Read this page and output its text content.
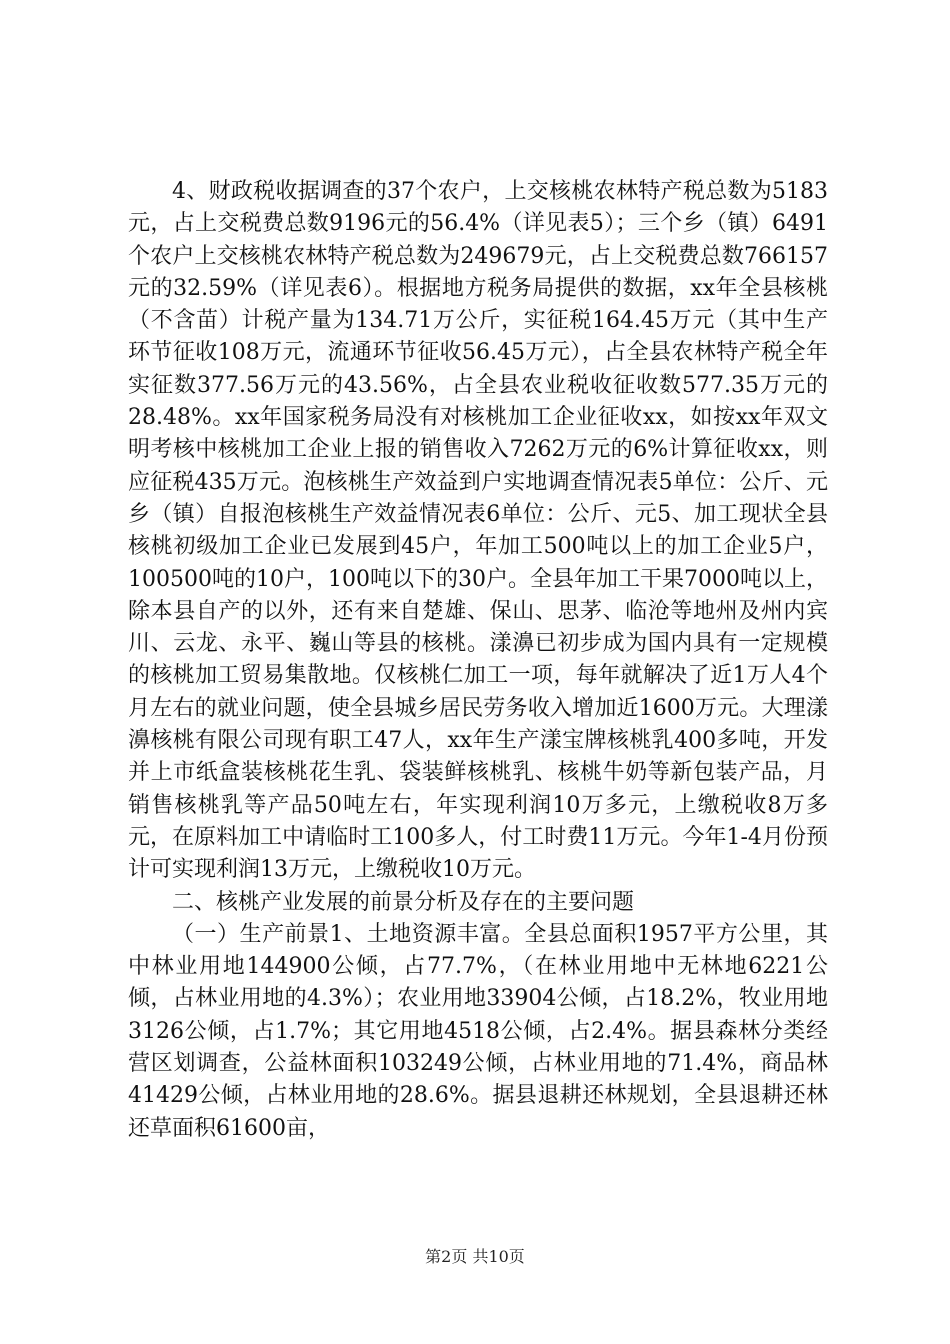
4、财政税收据调查的37个农户，上交核桃农林特产税总数为5183元，占上交税费总数9196元的56.4%（详见表5）；三个乡（镇）6491个农户上交核桃农林特产税总数为249679元，占上交税费总数766157元的32.59%（详见表6）。根据地方税务局提供的数据，xx年全县核桃（不含苗）计税产量为134.71万公斤，实征税164.45万元（其中生产环节征收108万元，流通环节征收56.45万元），占全县农林特产税全年实征数377.56万元的43.56%，占全县农业税收征收数577.35万元的28.48%。xx年国家税务局没有对核桃加工企业征收xx，如按xx年双文明考核中核桃加工企业上报的销售收入7262万元的6%计算征收xx，则应征税435万元。泡核桃生产效益到户实地调查情况表5单位：公斤、元乡（镇）自报泡核桃生产效益情况表6单位：公斤、元5、加工现状全县核桃初级加工企业已发展到45户，年加工500吨以上的加工企业5户，100500吨的10户，100吨以下的30户。全县年加工干果7000吨以上，除本县自产的以外，还有来自楚雄、保山、思茅、临沧等地州及州内宾川、云龙、永平、巍山等县的核桃。漾濞已初步成为国内具有一定规模的核桃加工贸易集散地。仅核桃仁加工一项，每年就解决了近1万人4个月左右的就业问题，使全县城乡居民劳务收入增加近1600万元。大理漾濞核桃有限公司现有职工47人，xx年生产漾宝牌核桃乳400多吨，开发并上市纸盒装核桃花生乳、袋装鲜核桃乳、核桃牛奶等新包装产品，月销售核桃乳等产品50吨左右，年实现利润10万多元，上缴税收8万多元，在原料加工中请临时工100多人，付工时费11万元。今年1-4月份预计可实现利润13万元，上缴税收10万元。

二、核桃产业发展的前景分析及存在的主要问题

（一）生产前景1、土地资源丰富。全县总面积1957平方公里，其中林业用地144900公倾，占77.7%，（在林业用地中无林地6221公倾，占林业用地的4.3%）；农业用地33904公倾，占18.2%，牧业用地3126公倾，占1.7%；其它用地4518公倾，占2.4%。据县森林分类经营区划调查，公益林面积103249公倾，占林业用地的71.4%，商品林41429公倾，占林业用地的28.6%。据县退耕还林规划，全县退耕还林还草面积61600亩，

第2页 共10页
